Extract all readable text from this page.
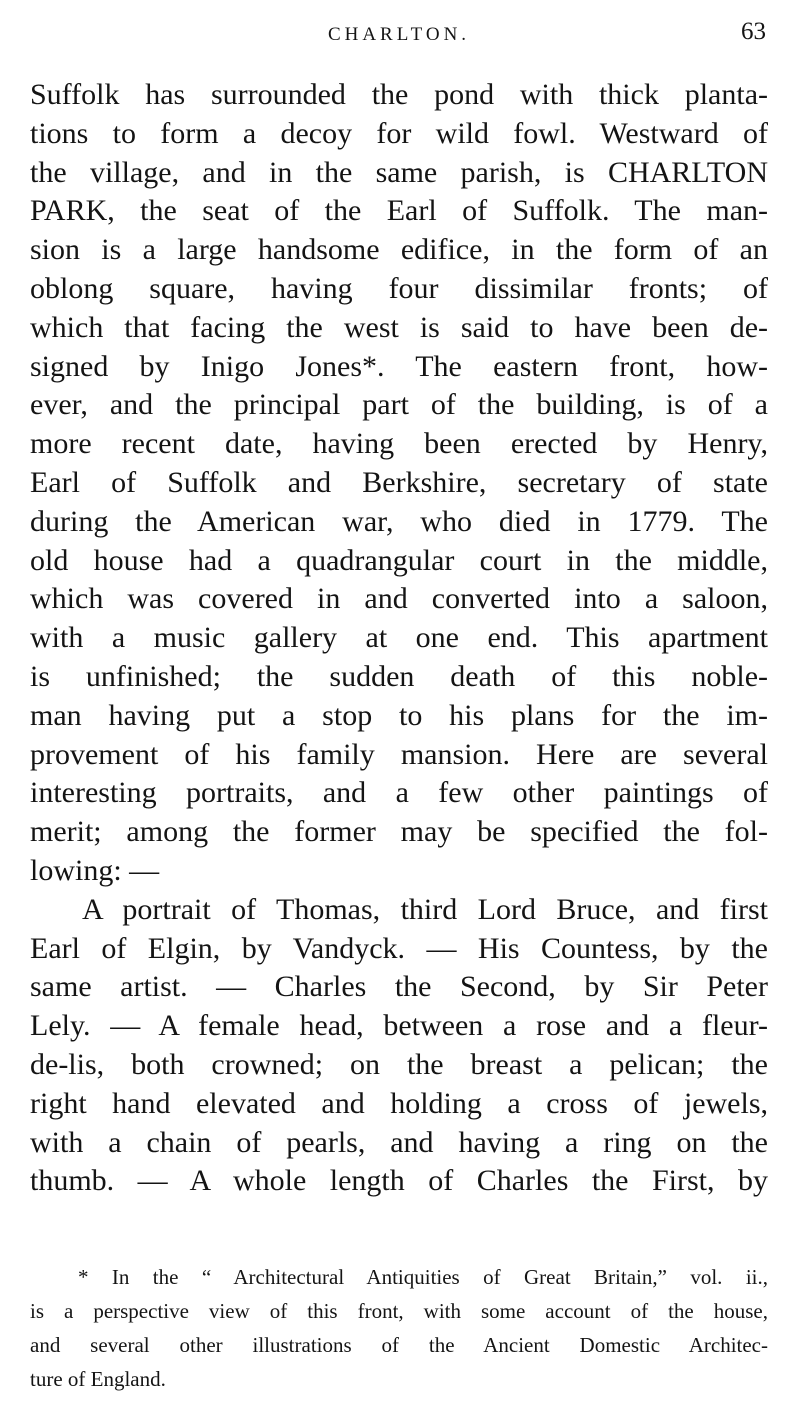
CHARLTON.	63
Suffolk has surrounded the pond with thick planta-
tions to form a decoy for wild fowl. Westward of
the village, and in the same parish, is CHARLTON
PARK, the seat of the Earl of Suffolk. The man-
sion is a large handsome edifice, in the form of an
oblong square, having four dissimilar fronts; of
which that facing the west is said to have been de-
signed by Inigo Jones*. The eastern front, how-
ever, and the principal part of the building, is of a
more recent date, having been erected by Henry,
Earl of Suffolk and Berkshire, secretary of state
during the American war, who died in 1779. The
old house had a quadrangular court in the middle,
which was covered in and converted into a saloon,
with a music gallery at one end. This apartment
is unfinished; the sudden death of this noble-
man having put a stop to his plans for the im-
provement of his family mansion. Here are several
interesting portraits, and a few other paintings of
merit; among the former may be specified the fol-
lowing: —
A portrait of Thomas, third Lord Bruce, and first
Earl of Elgin, by Vandyck. — His Countess, by the
same artist. — Charles the Second, by Sir Peter
Lely. — A female head, between a rose and a fleur-
de-lis, both crowned; on the breast a pelican; the
right hand elevated and holding a cross of jewels,
with a chain of pearls, and having a ring on the
thumb. — A whole length of Charles the First, by
* In the “ Architectural Antiquities of Great Britain,” vol. ii.,
is a perspective view of this front, with some account of the house,
and several other illustrations of the Ancient Domestic Architec-
ture of England.
